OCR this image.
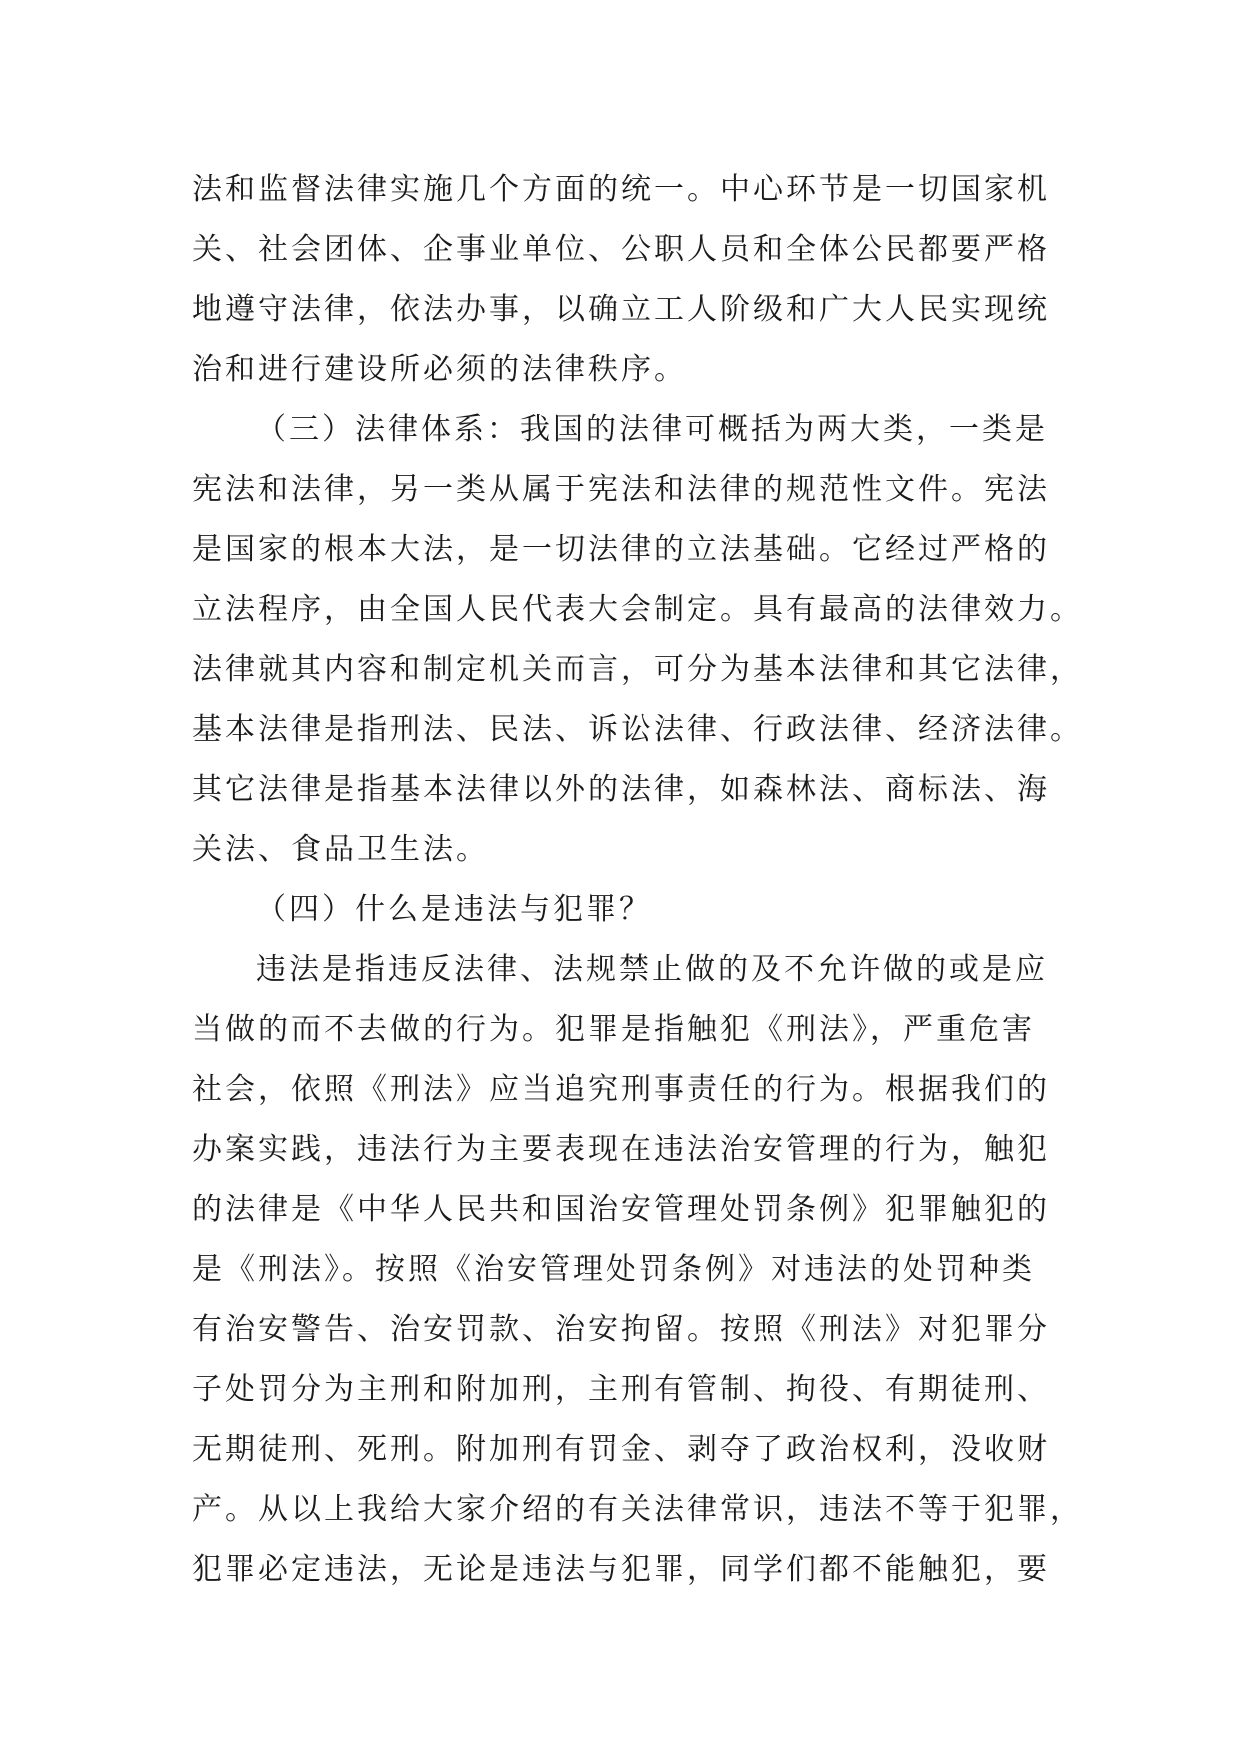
法和监督法律实施几个方面的统一。中心环节是一切国家机
关、社会团体、企事业单位、公职人员和全体公民都要严格
地遵守法律，依法办事，以确立工人阶级和广大人民实现统
治和进行建设所必须的法律秩序。
（三）法律体系：我国的法律可概括为两大类，一类是
宪法和法律，另一类从属于宪法和法律的规范性文件。宪法
是国家的根本大法，是一切法律的立法基础。它经过严格的
立法程序，由全国人民代表大会制定。具有最高的法律效力。
法律就其内容和制定机关而言，可分为基本法律和其它法律，
基本法律是指刑法、民法、诉讼法律、行政法律、经济法律。
其它法律是指基本法律以外的法律，如森林法、商标法、海
关法、食品卫生法。
（四）什么是违法与犯罪？
违法是指违反法律、法规禁止做的及不允许做的或是应
当做的而不去做的行为。犯罪是指触犯《刑法》，严重危害
社会，依照《刑法》应当追究刑事责任的行为。根据我们的
办案实践，违法行为主要表现在违法治安管理的行为，触犯
的法律是《中华人民共和国治安管理处罚条例》犯罪触犯的
是《刑法》。按照《治安管理处罚条例》对违法的处罚种类
有治安警告、治安罚款、治安拘留。按照《刑法》对犯罪分
子处罚分为主刑和附加刑，主刑有管制、拘役、有期徒刑、
无期徒刑、死刑。附加刑有罚金、剥夺了政治权利，没收财
产。从以上我给大家介绍的有关法律常识，违法不等于犯罪，
犯罪必定违法，无论是违法与犯罪，同学们都不能触犯，要
